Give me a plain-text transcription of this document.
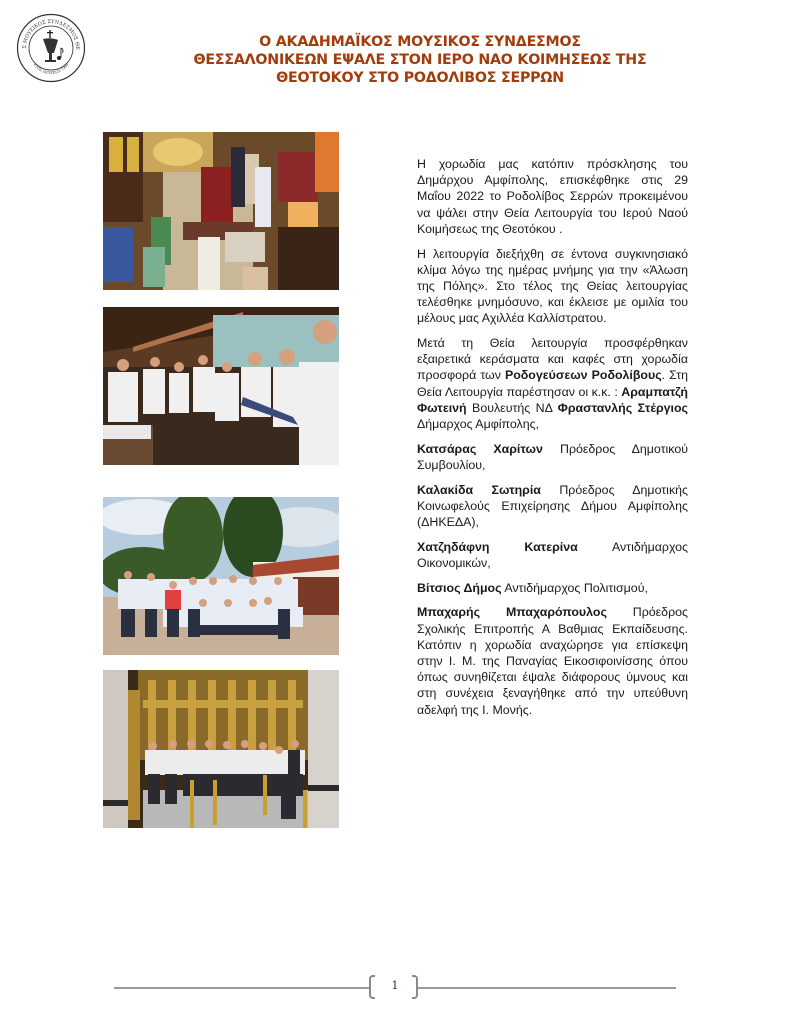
Σ ΜΟΥΣΙΚΟΣ ΣΥΝΔΕΣΜΟΣ ΘΕ
ΕΤΟΣ ΙΔΡΥΣΕΩΣ 1969
Ο ΑΚΑΔΗΜΑΪΚΟΣ ΜΟΥΣΙΚΟΣ ΣΥΝΔΕΣΜΟΣ
ΘΕΣΣΑΛΟΝΙΚΕΩΝ ΕΨΑΛΕ ΣΤΟΝ ΙΕΡΟ ΝΑΟ ΚΟΙΜΗΣΕΩΣ ΤΗΣ
ΘΕΟΤΟΚΟΥ ΣΤΟ ΡΟΔΟΛΙΒΟΣ ΣΕΡΡΩΝ

Η χορωδία μας κατόπιν πρόσκλησης του Δημάρχου Αμφίπολης, επισκέφθηκε στις 29 Μαΐου 2022 το Ροδολίβος Σερρών προκειμένου να ψάλει στην Θεία Λειτουργία του Ιερού Ναού Κοιμήσεως της Θεοτόκου .

Η λειτουργία διεξήχθη σε έντονα συγκινησιακό κλίμα λόγω της ημέρας μνήμης για την «Άλωση της Πόλης». Στο τέλος της Θείας λειτουργίας τελέσθηκε μνημόσυνο, και έκλεισε με ομιλία του μέλους μας Αχιλλέα Καλλίστρατου.

Μετά τη Θεία λειτουργία προσφέρθηκαν εξαιρετικά κεράσματα και καφές στη χορωδία προσφορά των Ροδογεύσεων Ροδολίβους. Στη Θεία Λειτουργία παρέστησαν οι κ.κ. : Αραμπατζή Φωτεινή Βουλευτής ΝΔ Φραστανλής Στέργιος Δήμαρχος Αμφίπολης,

Κατσάρας Χαρίτων Πρόεδρος Δημοτικού Συμβουλίου,

Καλακίδα Σωτηρία Πρόεδρος Δημοτικής Κοινωφελούς Επιχείρησης Δήμου Αμφίπολης (ΔΗΚΕΔΑ),

Χατζηδάφνη Κατερίνα Αντιδήμαρχος Οικονομικών,

Βίτσιος Δήμος Αντιδήμαρχος Πολιτισμού,

Μπαχαρής Μπαχαρόπουλος Πρόεδρος Σχολικής Επιτροπής Α Βαθμιας Εκπαίδευσης. Κατόπιν η χορωδία αναχώρησε για επίσκεψη στην Ι. Μ. της Παναγίας Εικοσιφοινίσσης όπου όπως συνηθίζεται έψαλε διάφορους ύμνους και στη συνέχεια ξεναγήθηκε από την υπεύθυνη αδελφή της Ι. Μονής.

1
